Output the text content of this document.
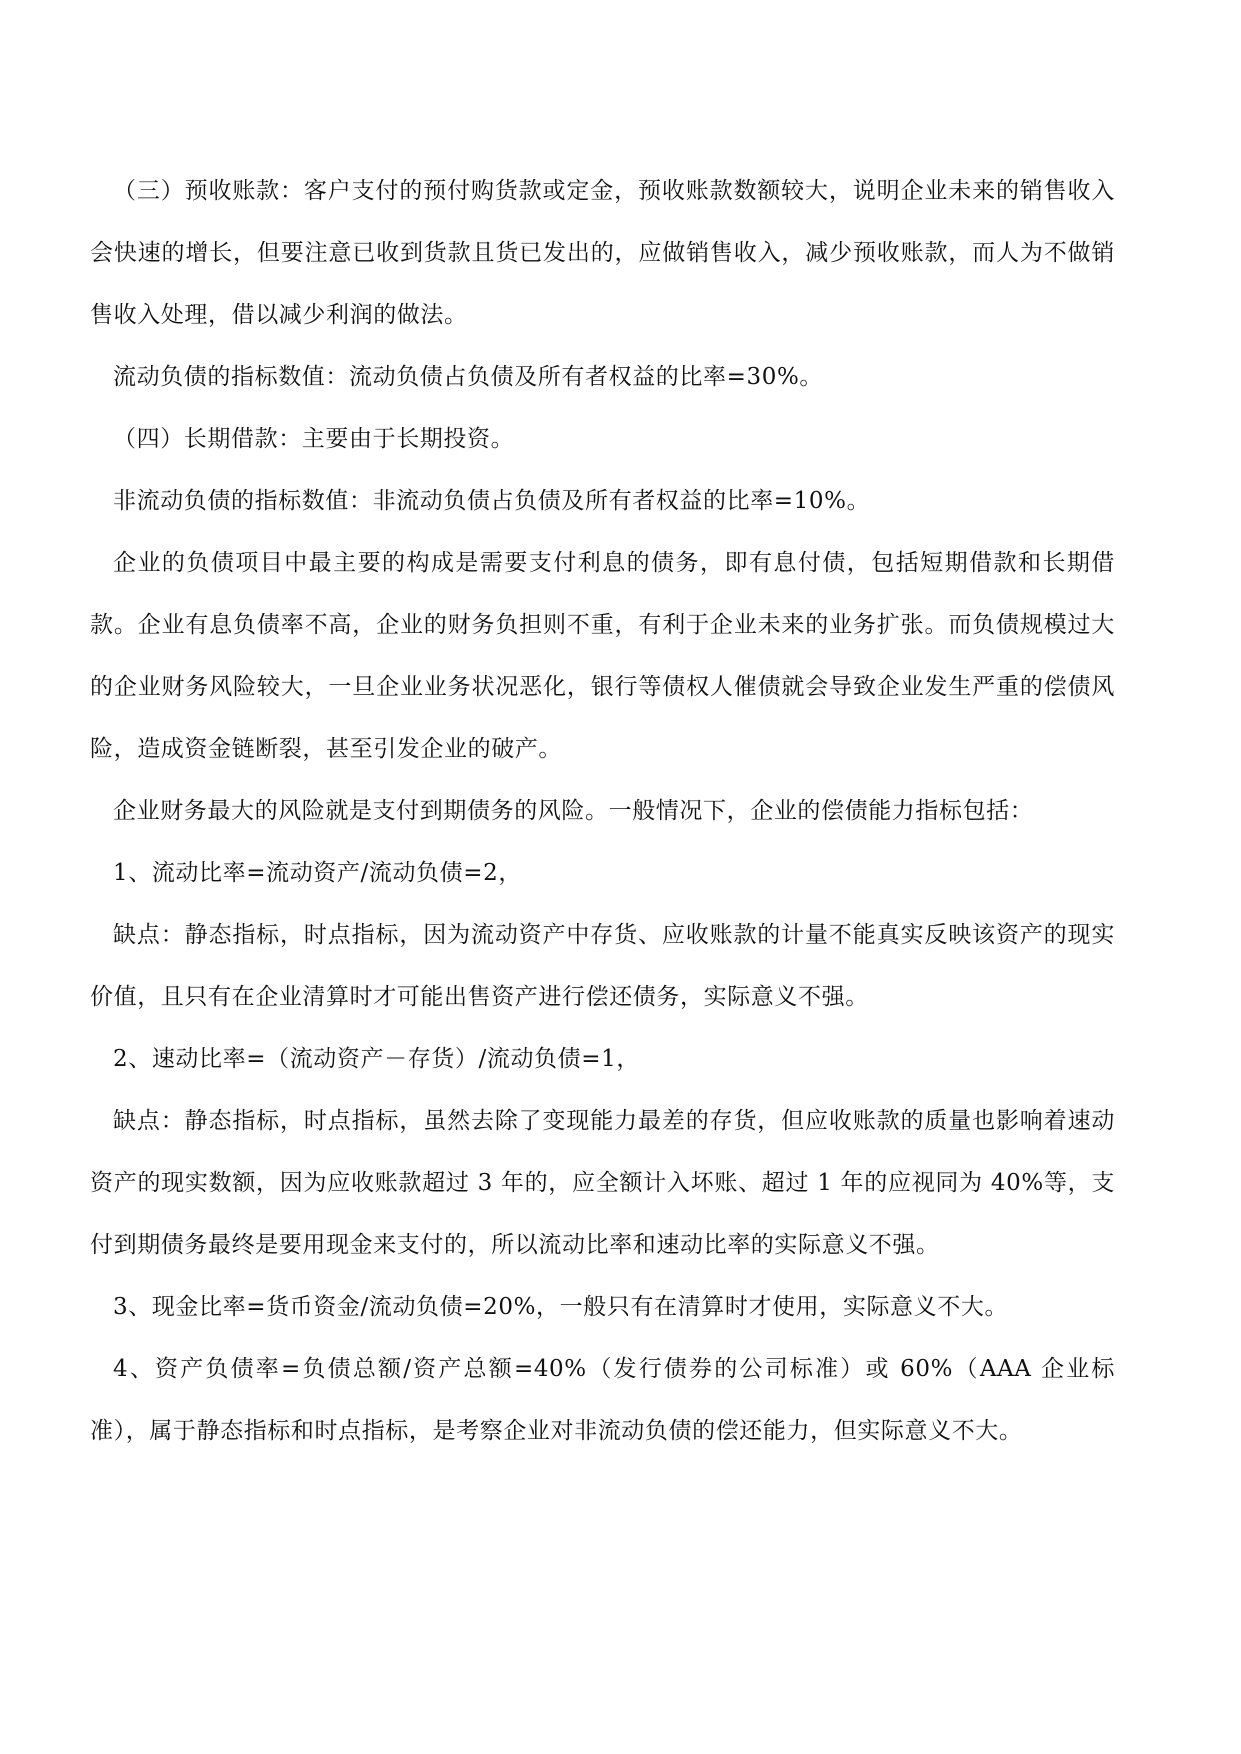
（三）预收账款：客户支付的预付购货款或定金，预收账款数额较大，说明企业未来的销售收入会快速的增长，但要注意已收到货款且货已发出的，应做销售收入，减少预收账款，而人为不做销售收入处理，借以减少利润的做法。

流动负债的指标数值：流动负债占负债及所有者权益的比率=30%。

（四）长期借款：主要由于长期投资。

非流动负债的指标数值：非流动负债占负债及所有者权益的比率=10%。

企业的负债项目中最主要的构成是需要支付利息的债务，即有息付债，包括短期借款和长期借款。企业有息负债率不高，企业的财务负担则不重，有利于企业未来的业务扩张。而负债规模过大的企业财务风险较大，一旦企业业务状况恶化，银行等债权人催债就会导致企业发生严重的偿债风险，造成资金链断裂，甚至引发企业的破产。

企业财务最大的风险就是支付到期债务的风险。一般情况下，企业的偿债能力指标包括：

1、流动比率=流动资产/流动负债=2，

缺点：静态指标，时点指标，因为流动资产中存货、应收账款的计量不能真实反映该资产的现实价值，且只有在企业清算时才可能出售资产进行偿还债务，实际意义不强。

2、速动比率=（流动资产－存货）/流动负债=1，

缺点：静态指标，时点指标，虽然去除了变现能力最差的存货，但应收账款的质量也影响着速动资产的现实数额，因为应收账款超过 3 年的，应全额计入坏账、超过 1 年的应视同为 40%等，支付到期债务最终是要用现金来支付的，所以流动比率和速动比率的实际意义不强。

3、现金比率=货币资金/流动负债=20%，一般只有在清算时才使用，实际意义不大。

4、资产负债率=负债总额/资产总额=40%（发行债券的公司标准）或 60%（AAA 企业标准），属于静态指标和时点指标，是考察企业对非流动负债的偿还能力，但实际意义不大。
